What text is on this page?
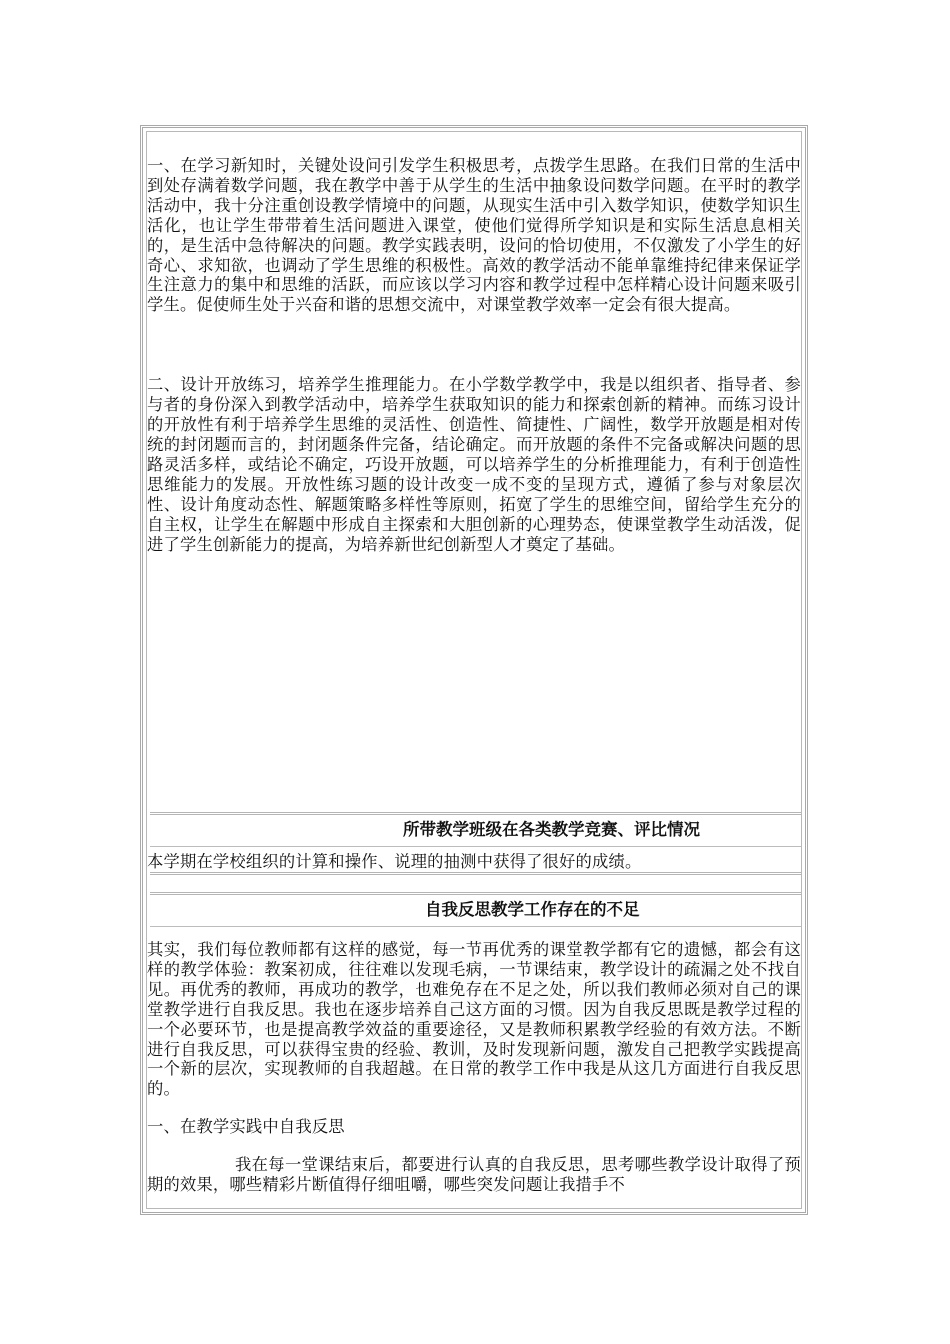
一、在学习新知时，关键处设问引发学生积极思考，点拨学生思路。在我们日常的生活中到处存满着数学问题，我在教学中善于从学生的生活中抽象设问数学问题。在平时的教学活动中，我十分注重创设教学情境中的问题，从现实生活中引入数学知识，使数学知识生活化，也让学生带带着生活问题进入课堂，使他们觉得所学知识是和实际生活息息相关的，是生活中急待解决的问题。教学实践表明，设问的恰切使用，不仅激发了小学生的好奇心、求知欲，也调动了学生思维的积极性。高效的教学活动不能单靠维持纪律来保证学生注意力的集中和思维的活跃，而应该以学习内容和教学过程中怎样精心设计问题来吸引学生。促使师生处于兴奋和谐的思想交流中，对课堂教学效率一定会有很大提高。

二、设计开放练习，培养学生推理能力。在小学数学教学中，我是以组织者、指导者、参与者的身份深入到教学活动中，培养学生获取知识的能力和探索创新的精神。而练习设计的开放性有利于培养学生思维的灵活性、创造性、简捷性、广阔性，数学开放题是相对传统的封闭题而言的，封闭题条件完备，结论确定。而开放题的条件不完备或解决问题的思路灵活多样，或结论不确定，巧设开放题，可以培养学生的分析推理能力，有利于创造性思维能力的发展。开放性练习题的设计改变一成不变的呈现方式，遵循了参与对象层次性、设计角度动态性、解题策略多样性等原则，拓宽了学生的思维空间，留给学生充分的自主权，让学生在解题中形成自主探索和大胆创新的心理势态，使课堂教学生动活泼，促进了学生创新能力的提高，为培养新世纪创新型人才奠定了基础。

所带教学班级在各类教学竞赛、评比情况

本学期在学校组织的计算和操作、说理的抽测中获得了很好的成绩。

自我反思教学工作存在的不足

其实，我们每位教师都有这样的感觉，每一节再优秀的课堂教学都有它的遗憾，都会有这样的教学体验：教案初成，往往难以发现毛病，一节课结束，教学设计的疏漏之处不找自见。再优秀的教师，再成功的教学，也难免存在不足之处，所以我们教师必须对自己的课堂教学进行自我反思。我也在逐步培养自己这方面的习惯。因为自我反思既是教学过程的一个必要环节，也是提高教学效益的重要途径，又是教师积累教学经验的有效方法。不断进行自我反思，可以获得宝贵的经验、教训，及时发现新问题，激发自己把教学实践提高一个新的层次，实现教师的自我超越。在日常的教学工作中我是从这几方面进行自我反思的。

一、在教学实践中自我反思

我在每一堂课结束后，都要进行认真的自我反思，思考哪些教学设计取得了预期的效果，哪些精彩片断值得仔细咀嚼，哪些突发问题让我措手不
